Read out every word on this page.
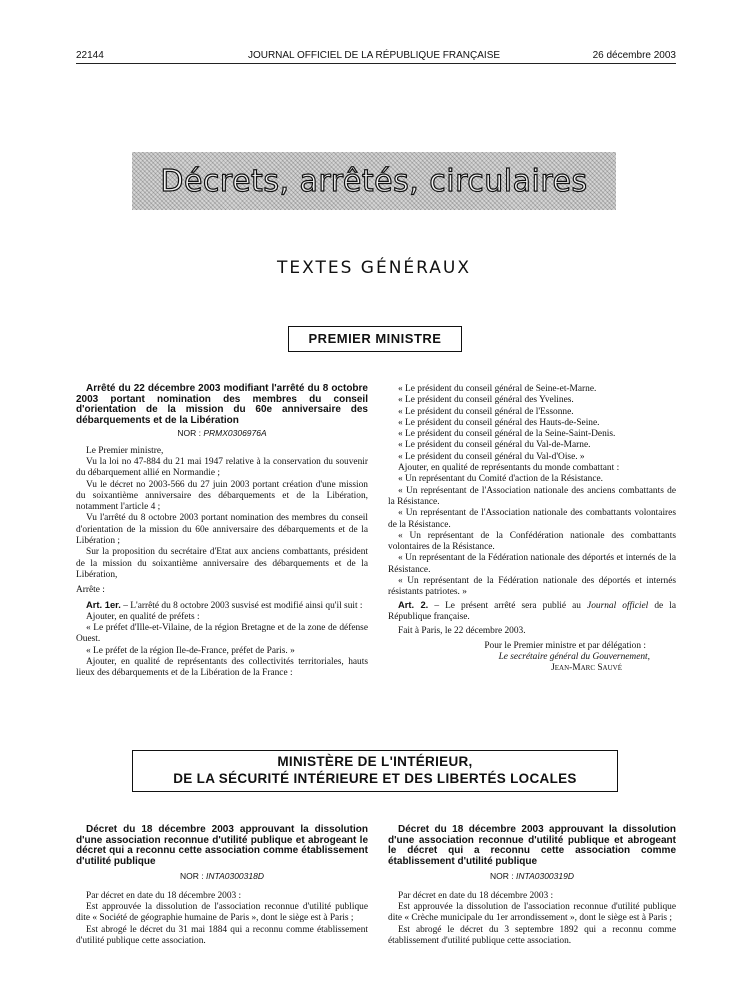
22144	JOURNAL OFFICIEL DE LA RÉPUBLIQUE FRANÇAISE	26 décembre 2003
Décrets, arrêtés, circulaires
TEXTES GÉNÉRAUX
PREMIER MINISTRE

Arrêté du 22 décembre 2003 modifiant l'arrêté du 8 octobre 2003 portant nomination des membres du conseil d'orientation de la mission du 60e anniversaire des débarquements et de la Libération

NOR : PRMX0306976A

Le Premier ministre,

Vu la loi no 47-884 du 21 mai 1947 relative à la conservation du souvenir du débarquement allié en Normandie ;

Vu le décret no 2003-566 du 27 juin 2003 portant création d'une mission du soixantième anniversaire des débarquements et de la Libération, notamment l'article 4 ;

Vu l'arrêté du 8 octobre 2003 portant nomination des membres du conseil d'orientation de la mission du 60e anniversaire des débarquements et de la Libération ;

Sur la proposition du secrétaire d'Etat aux anciens combattants, président de la mission du soixantième anniversaire des débarquements et de la Libération,

Arrête :

Art. 1er. – L'arrêté du 8 octobre 2003 susvisé est modifié ainsi qu'il suit :

Ajouter, en qualité de préfets :

« Le préfet d'Ille-et-Vilaine, de la région Bretagne et de la zone de défense Ouest.

« Le préfet de la région Ile-de-France, préfet de Paris. »

Ajouter, en qualité de représentants des collectivités territoriales, hauts lieux des débarquements et de la Libération de la France :

« Le président du conseil général de Seine-et-Marne.

« Le président du conseil général des Yvelines.

« Le président du conseil général de l'Essonne.

« Le président du conseil général des Hauts-de-Seine.

« Le président du conseil général de la Seine-Saint-Denis.

« Le président du conseil général du Val-de-Marne.

« Le président du conseil général du Val-d'Oise. »

Ajouter, en qualité de représentants du monde combattant :

« Un représentant du Comité d'action de la Résistance.

« Un représentant de l'Association nationale des anciens combattants de la Résistance.

« Un représentant de l'Association nationale des combattants volontaires de la Résistance.

« Un représentant de la Confédération nationale des combattants volontaires de la Résistance.

« Un représentant de la Fédération nationale des déportés et internés de la Résistance.

« Un représentant de la Fédération nationale des déportés et internés résistants patriotes. »

Art. 2. – Le présent arrêté sera publié au Journal officiel de la République française.

Fait à Paris, le 22 décembre 2003.

Pour le Premier ministre et par délégation :

Le secrétaire général du Gouvernement,

Jean-Marc Sauvé

MINISTÈRE DE L'INTÉRIEUR,
DE LA SÉCURITÉ INTÉRIEURE ET DES LIBERTÉS LOCALES

Décret du 18 décembre 2003 approuvant la dissolution d'une association reconnue d'utilité publique et abrogeant le décret qui a reconnu cette association comme établissement d'utilité publique

NOR : INTA0300318D

Par décret en date du 18 décembre 2003 :

Est approuvée la dissolution de l'association reconnue d'utilité publique dite « Société de géographie humaine de Paris », dont le siège est à Paris ;

Est abrogé le décret du 31 mai 1884 qui a reconnu comme établissement d'utilité publique cette association.

Décret du 18 décembre 2003 approuvant la dissolution d'une association reconnue d'utilité publique et abrogeant le décret qui a reconnu cette association comme établissement d'utilité publique

NOR : INTA0300319D

Par décret en date du 18 décembre 2003 :

Est approuvée la dissolution de l'association reconnue d'utilité publique dite « Crèche municipale du 1er arrondissement », dont le siège est à Paris ;

Est abrogé le décret du 3 septembre 1892 qui a reconnu comme établissement d'utilité publique cette association.
